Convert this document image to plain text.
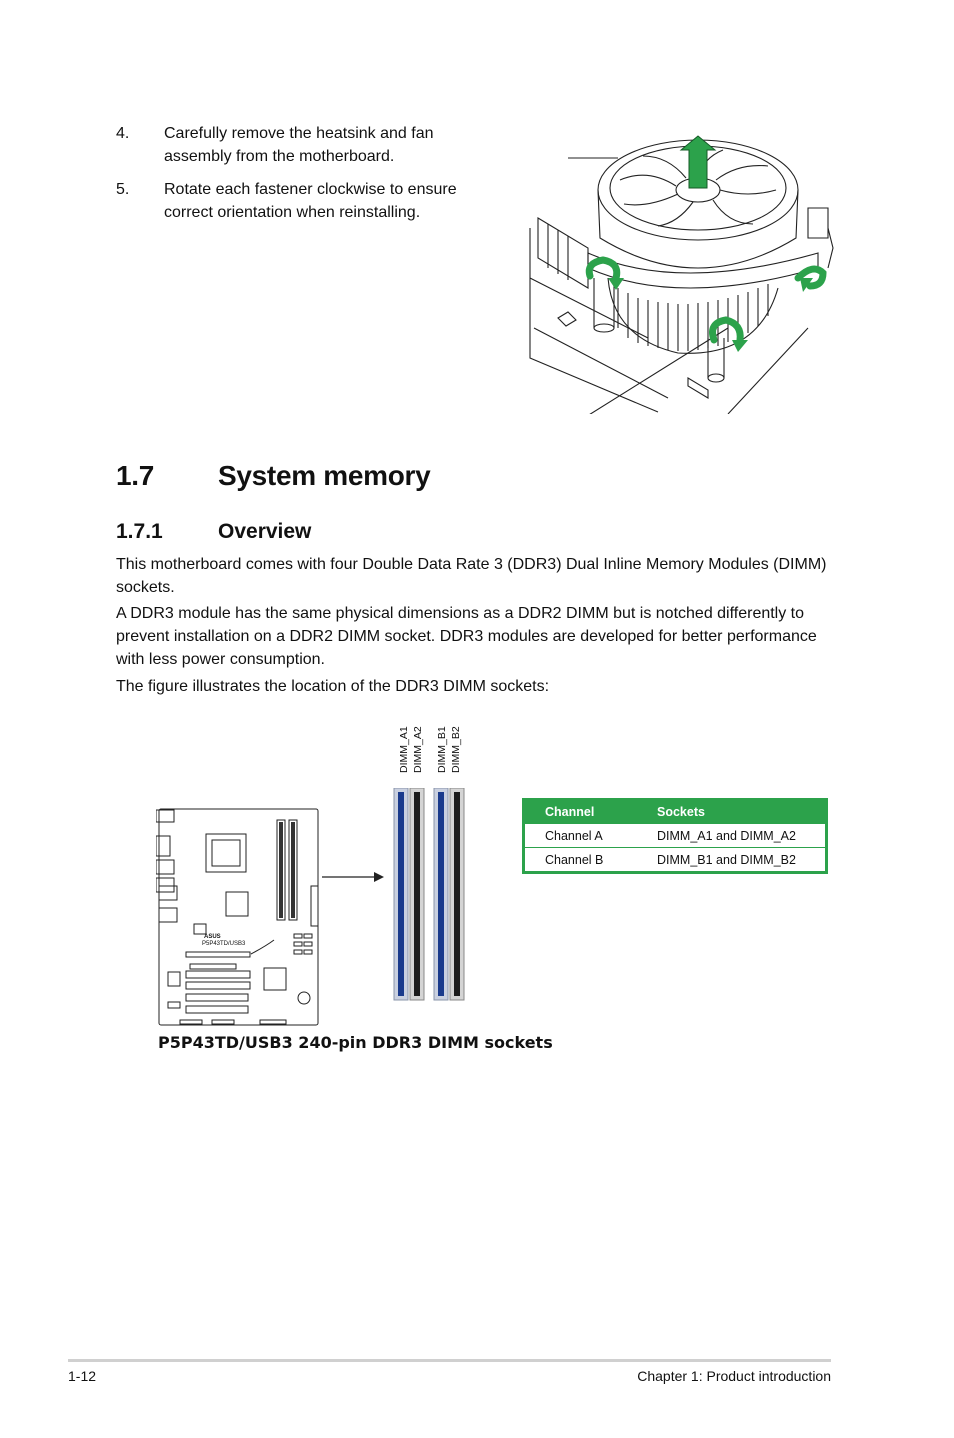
4. Carefully remove the heatsink and fan assembly from the motherboard.
5. Rotate each fastener clockwise to ensure correct orientation when reinstalling.
1.7 System memory
1.7.1	Overview

This motherboard comes with four Double Data Rate 3 (DDR3) Dual Inline Memory Modules (DIMM) sockets.

A DDR3 module has the same physical dimensions as a DDR2 DIMM but is notched differently to prevent installation on a DDR2 DIMM socket. DDR3 modules are developed for better performance with less power consumption.

The figure illustrates the location of the DDR3 DIMM sockets:

DIMM_A1 DIMM_A2 DIMM_B1 DIMM_B2
ASUS
P5P43TD/USB3
P5P43TD/USB3 240-pin DDR3 DIMM sockets
Channel	Sockets
Channel A	DIMM_A1 and DIMM_A2
Channel B	DIMM_B1 and DIMM_B2
1-12	Chapter 1: Product introduction
